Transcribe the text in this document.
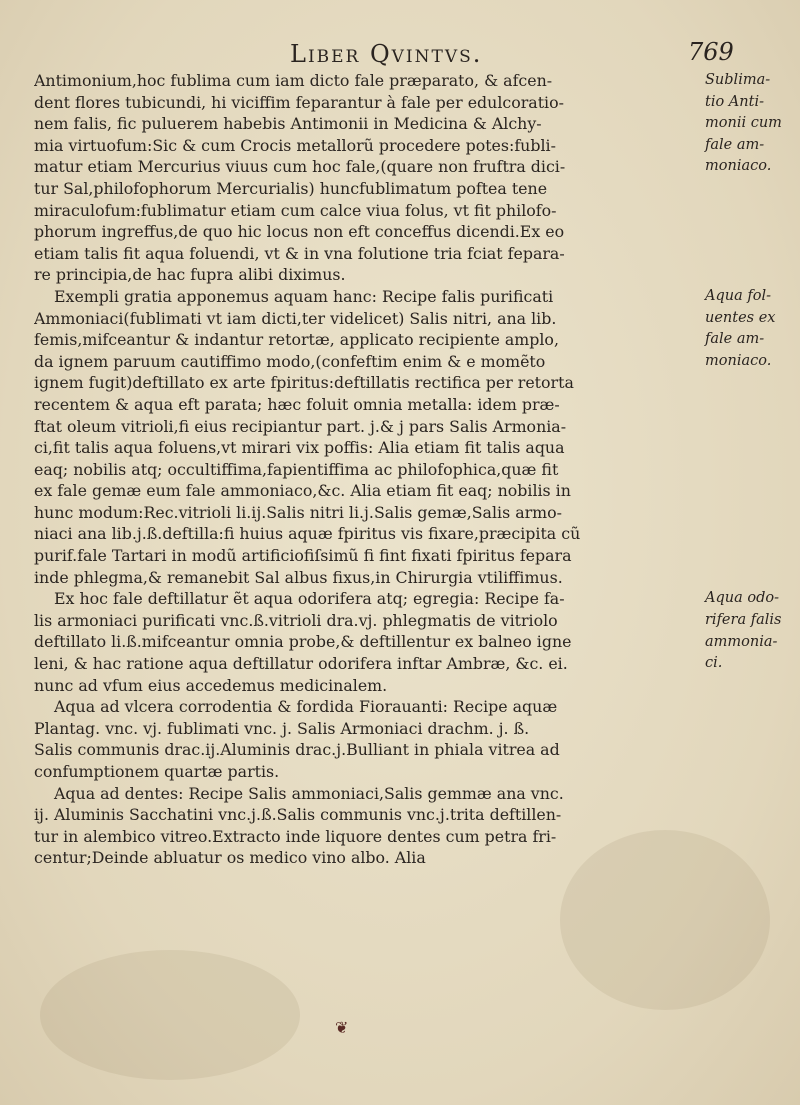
Liber Qvintvs.	769
Antimonium,hoc fublima cum iam dicto fale præparato, & afcen-
dent flores tubicundi, hi viciffim feparantur à fale per edulcoratio-
nem falis, fic puluerem habebis Antimonii in Medicina & Alchy-
mia virtuofum:Sic & cum Crocis metallorũ procedere potes:fubli-
matur etiam Mercurius viuus cum hoc fale,(quare non fruftra dici-
tur Sal,philofophorum Mercurialis) huncfublimatum poftea tene
miraculofum:fublimatur etiam cum calce viua folus, vt fit philofo-
phorum ingreffus,de quo hic locus non eft conceffus dicendi.Ex eo
etiam talis fit aqua foluendi, vt & in vna folutione tria fciat fepara-
re principia,de hac fupra alibi diximus.
Exempli gratia apponemus aquam hanc: Recipe falis purificati
Ammoniaci(fublimati vt iam dicti,ter videlicet) Salis nitri, ana lib.
femis,mifceantur & indantur retortæ, applicato recipiente amplo,
da ignem paruum cautiffimo modo,(confeftim enim & e momẽto
ignem fugit)deftillato ex arte fpiritus:deftillatis rectifica per retorta
recentem & aqua eft parata; hæc foluit omnia metalla: idem præ-
ftat oleum vitrioli,fi eius recipiantur part. j.& j pars Salis Armonia-
ci,fit talis aqua foluens,vt mirari vix poffis: Alia etiam fit talis aqua
eaq; nobilis atq; occultiffima,fapientiffima ac philofophica,quæ fit
ex fale gemæ eum fale ammoniaco,&c. Alia etiam fit eaq; nobilis in
hunc modum:Rec.vitrioli li.ij.Salis nitri li.j.Salis gemæ,Salis armo-
niaci ana lib.j.ß.deftilla:fi huius aquæ fpiritus vis fixare,præcipita cũ
purif.fale Tartari in modũ artificiofiſsimũ fi fint fixati fpiritus fepara
inde phlegma,& remanebit Sal albus fixus,in Chirurgia vtiliffimus.
Ex hoc fale deftillatur ẽt aqua odorifera atq; egregia: Recipe fa-
lis armoniaci purificati vnc.ß.vitrioli dra.vj. phlegmatis de vitriolo
deftillato li.ß.mifceantur omnia probe,& deftillentur ex balneo igne
leni, & hac ratione aqua deftillatur odorifera inftar Ambræ, &c. ei.
nunc ad vfum eius accedemus medicinalem.
Aqua ad vlcera corrodentia & fordida Fiorauanti: Recipe aquæ
Plantag. vnc. vj. fublimati vnc. j. Salis Armoniaci drachm. j. ß.
Salis communis drac.ij.Aluminis drac.j.Bulliant in phiala vitrea ad
confumptionem quartæ partis.
Aqua ad dentes: Recipe Salis ammoniaci,Salis gemmæ ana vnc.
ij. Aluminis Sacchatini vnc.j.ß.Salis communis vnc.j.trita deftillen-
tur in alembico vitreo.Extracto inde liquore dentes cum petra fri-
centur;Deinde abluatur os medico vino albo. Alia
Sublima-
tio Anti-
monii cum
fale am-
moniaco.
Aqua fol-
uentes ex
fale am-
moniaco.
Aqua odo-
rifera falis
ammonia-
ci.
❦
